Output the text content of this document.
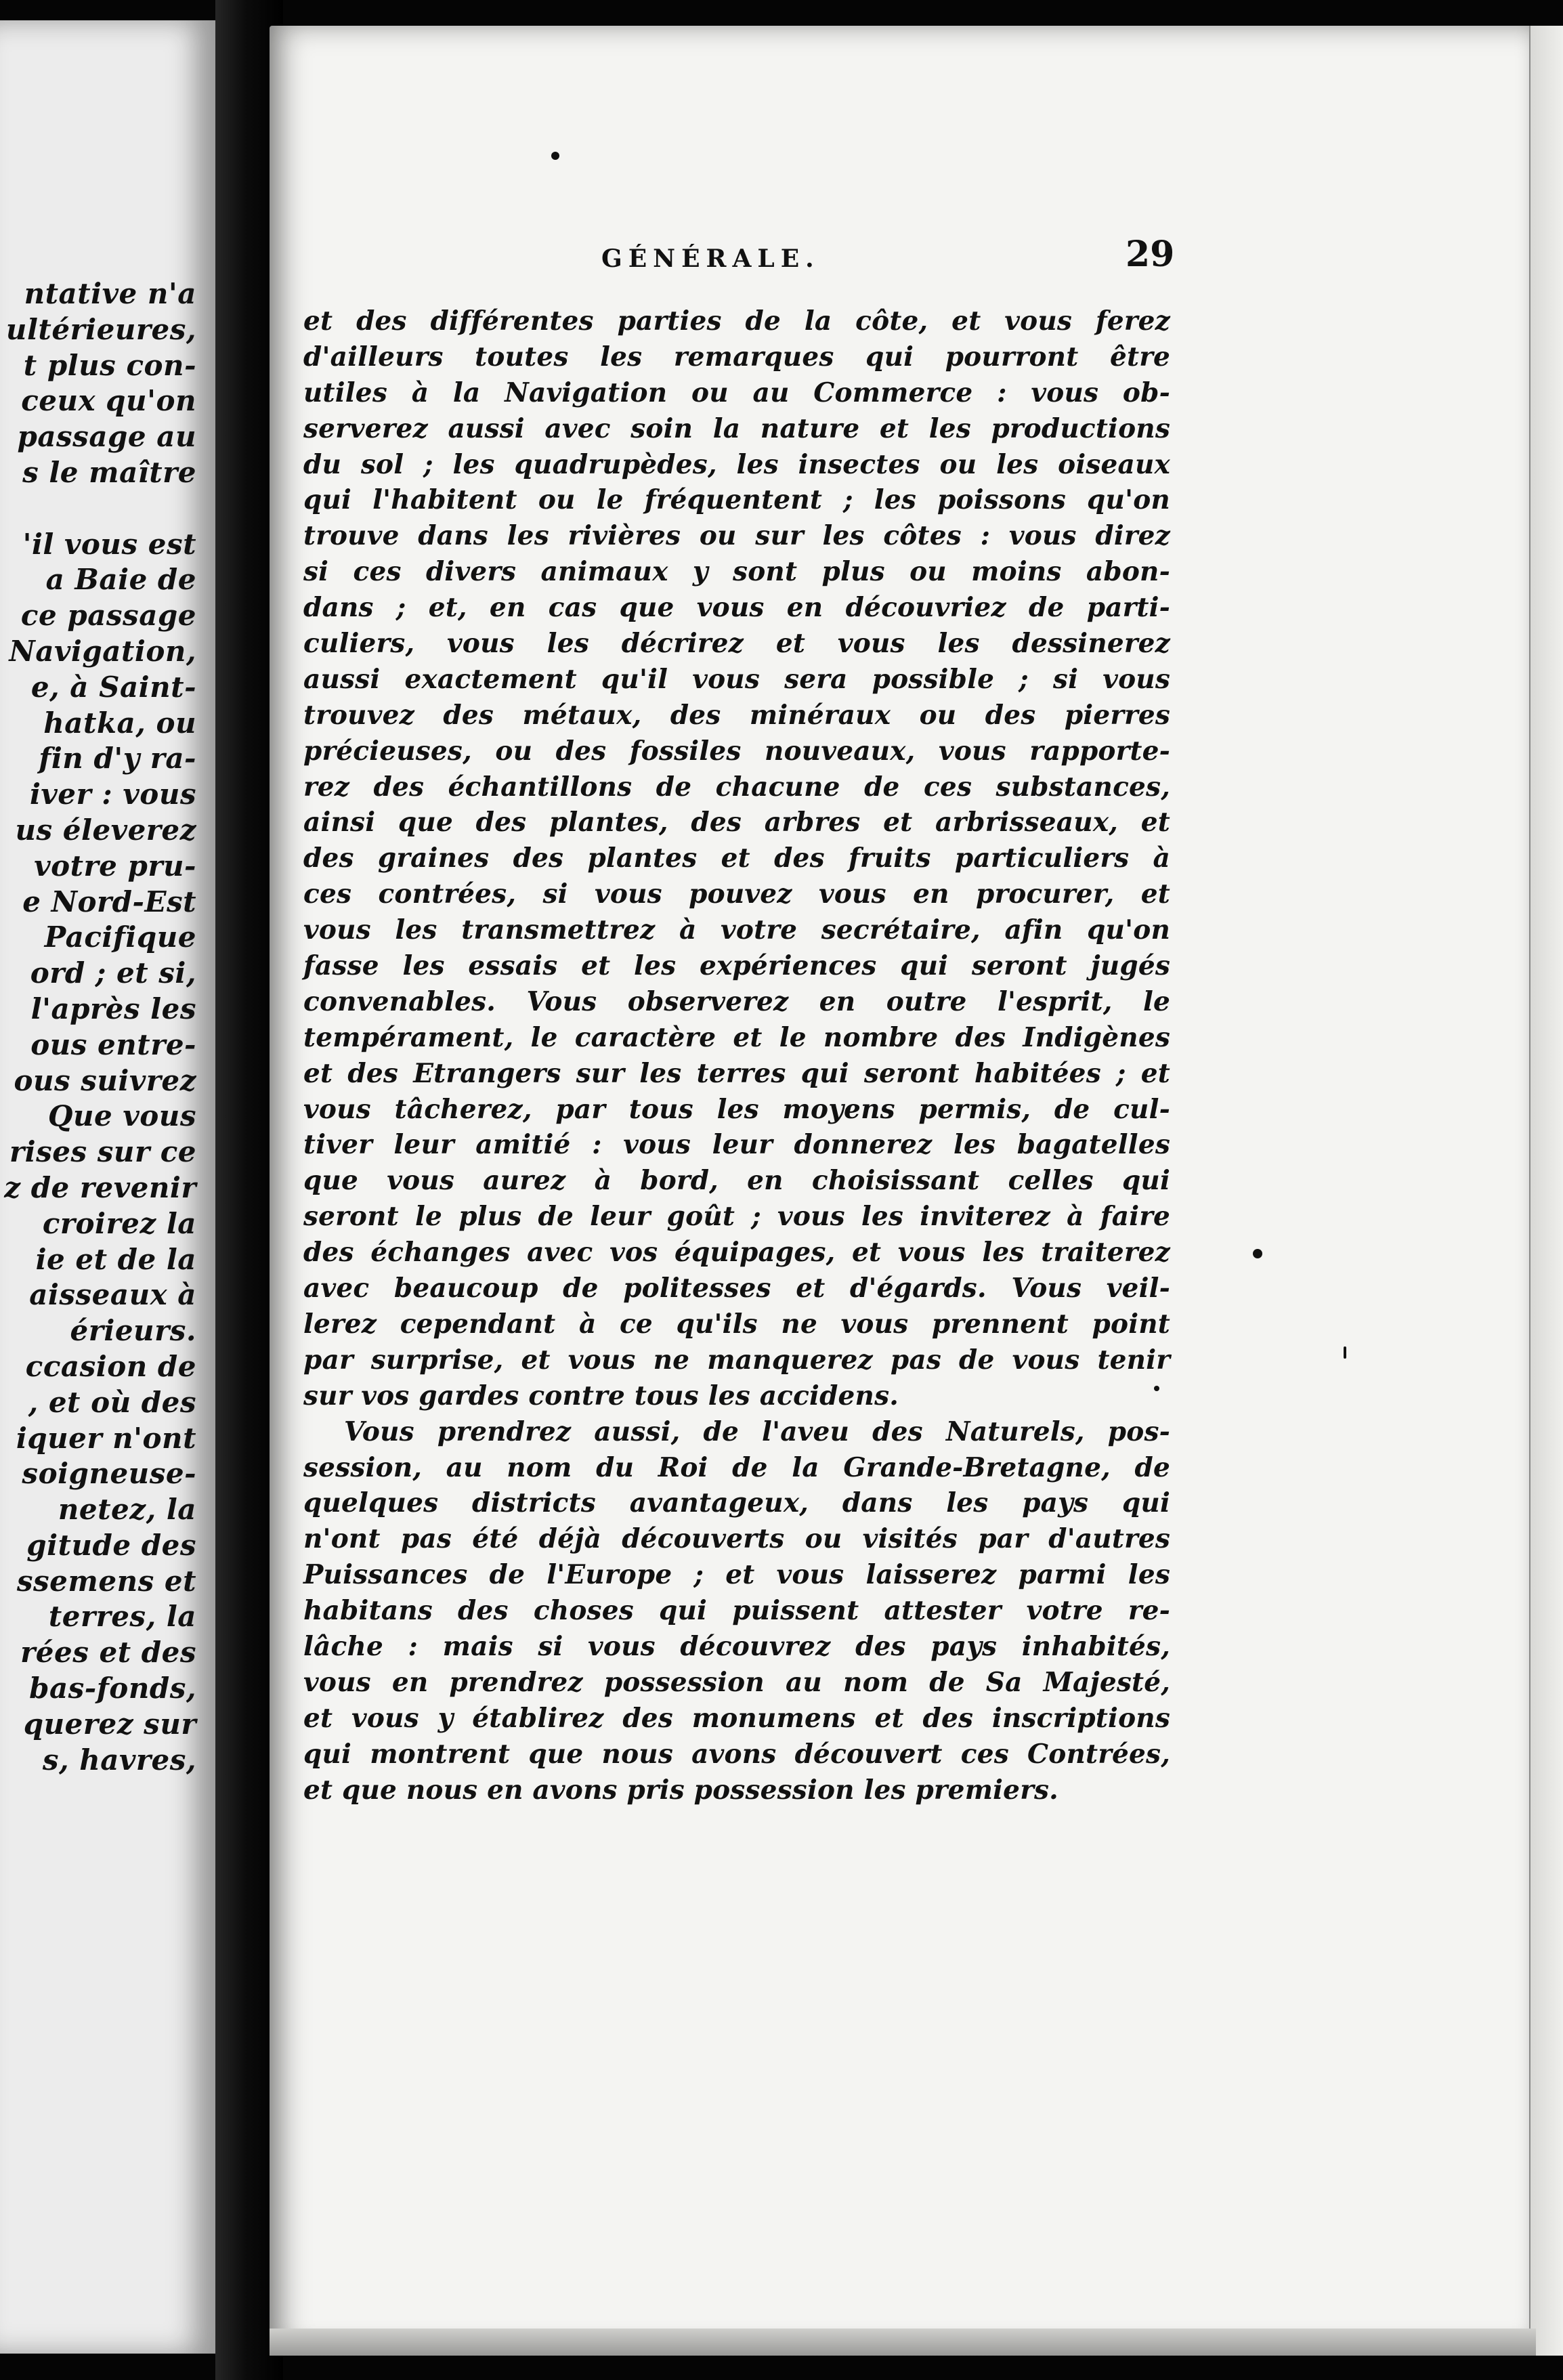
ntative n'a
ultérieures,
t plus con-
ceux qu'on
passage au
s le maître
'il vous est
a Baie de
ce passage
Navigation,
e, à Saint-
hatka, ou
fin d'y ra-
iver : vous
us éleverez
votre pru-
e Nord-Est
Pacifique
ord ; et si,
l'après les
ous entre-
ous suivrez
Que vous
rises sur ce
z de revenir
croirez la
ie et de la
aisseaux à
érieurs.
ccasion de
, et où des
iquer n'ont
soigneuse-
netez, la
gitude des
ssemens et
terres, la
rées et des
bas-fonds,
querez sur
s, havres,
GÉNÉRALE.	29
et des différentes parties de la côte, et vous ferez
d'ailleurs toutes les remarques qui pourront être
utiles à la Navigation ou au Commerce : vous ob-
serverez aussi avec soin la nature et les productions
du sol ; les quadrupèdes, les insectes ou les oiseaux
qui l'habitent ou le fréquentent ; les poissons qu'on
trouve dans les rivières ou sur les côtes : vous direz
si ces divers animaux y sont plus ou moins abon-
dans ; et, en cas que vous en découvriez de parti-
culiers, vous les décrirez et vous les dessinerez
aussi exactement qu'il vous sera possible ; si vous
trouvez des métaux, des minéraux ou des pierres
précieuses, ou des fossiles nouveaux, vous rapporte-
rez des échantillons de chacune de ces substances,
ainsi que des plantes, des arbres et arbrisseaux, et
des graines des plantes et des fruits particuliers à
ces contrées, si vous pouvez vous en procurer, et
vous les transmettrez à votre secrétaire, afin qu'on
fasse les essais et les expériences qui seront jugés
convenables. Vous observerez en outre l'esprit, le
tempérament, le caractère et le nombre des Indigènes
et des Etrangers sur les terres qui seront habitées ; et
vous tâcherez, par tous les moyens permis, de cul-
tiver leur amitié : vous leur donnerez les bagatelles
que vous aurez à bord, en choisissant celles qui
seront le plus de leur goût ; vous les inviterez à faire
des échanges avec vos équipages, et vous les traiterez
avec beaucoup de politesses et d'égards. Vous veil-
lerez cependant à ce qu'ils ne vous prennent point
par surprise, et vous ne manquerez pas de vous tenir
sur vos gardes contre tous les accidens.
Vous prendrez aussi, de l'aveu des Naturels, pos-
session, au nom du Roi de la Grande-Bretagne, de
quelques districts avantageux, dans les pays qui
n'ont pas été déjà découverts ou visités par d'autres
Puissances de l'Europe ; et vous laisserez parmi les
habitans des choses qui puissent attester votre re-
lâche : mais si vous découvrez des pays inhabités,
vous en prendrez possession au nom de Sa Majesté,
et vous y établirez des monumens et des inscriptions
qui montrent que nous avons découvert ces Contrées,
et que nous en avons pris possession les premiers.
